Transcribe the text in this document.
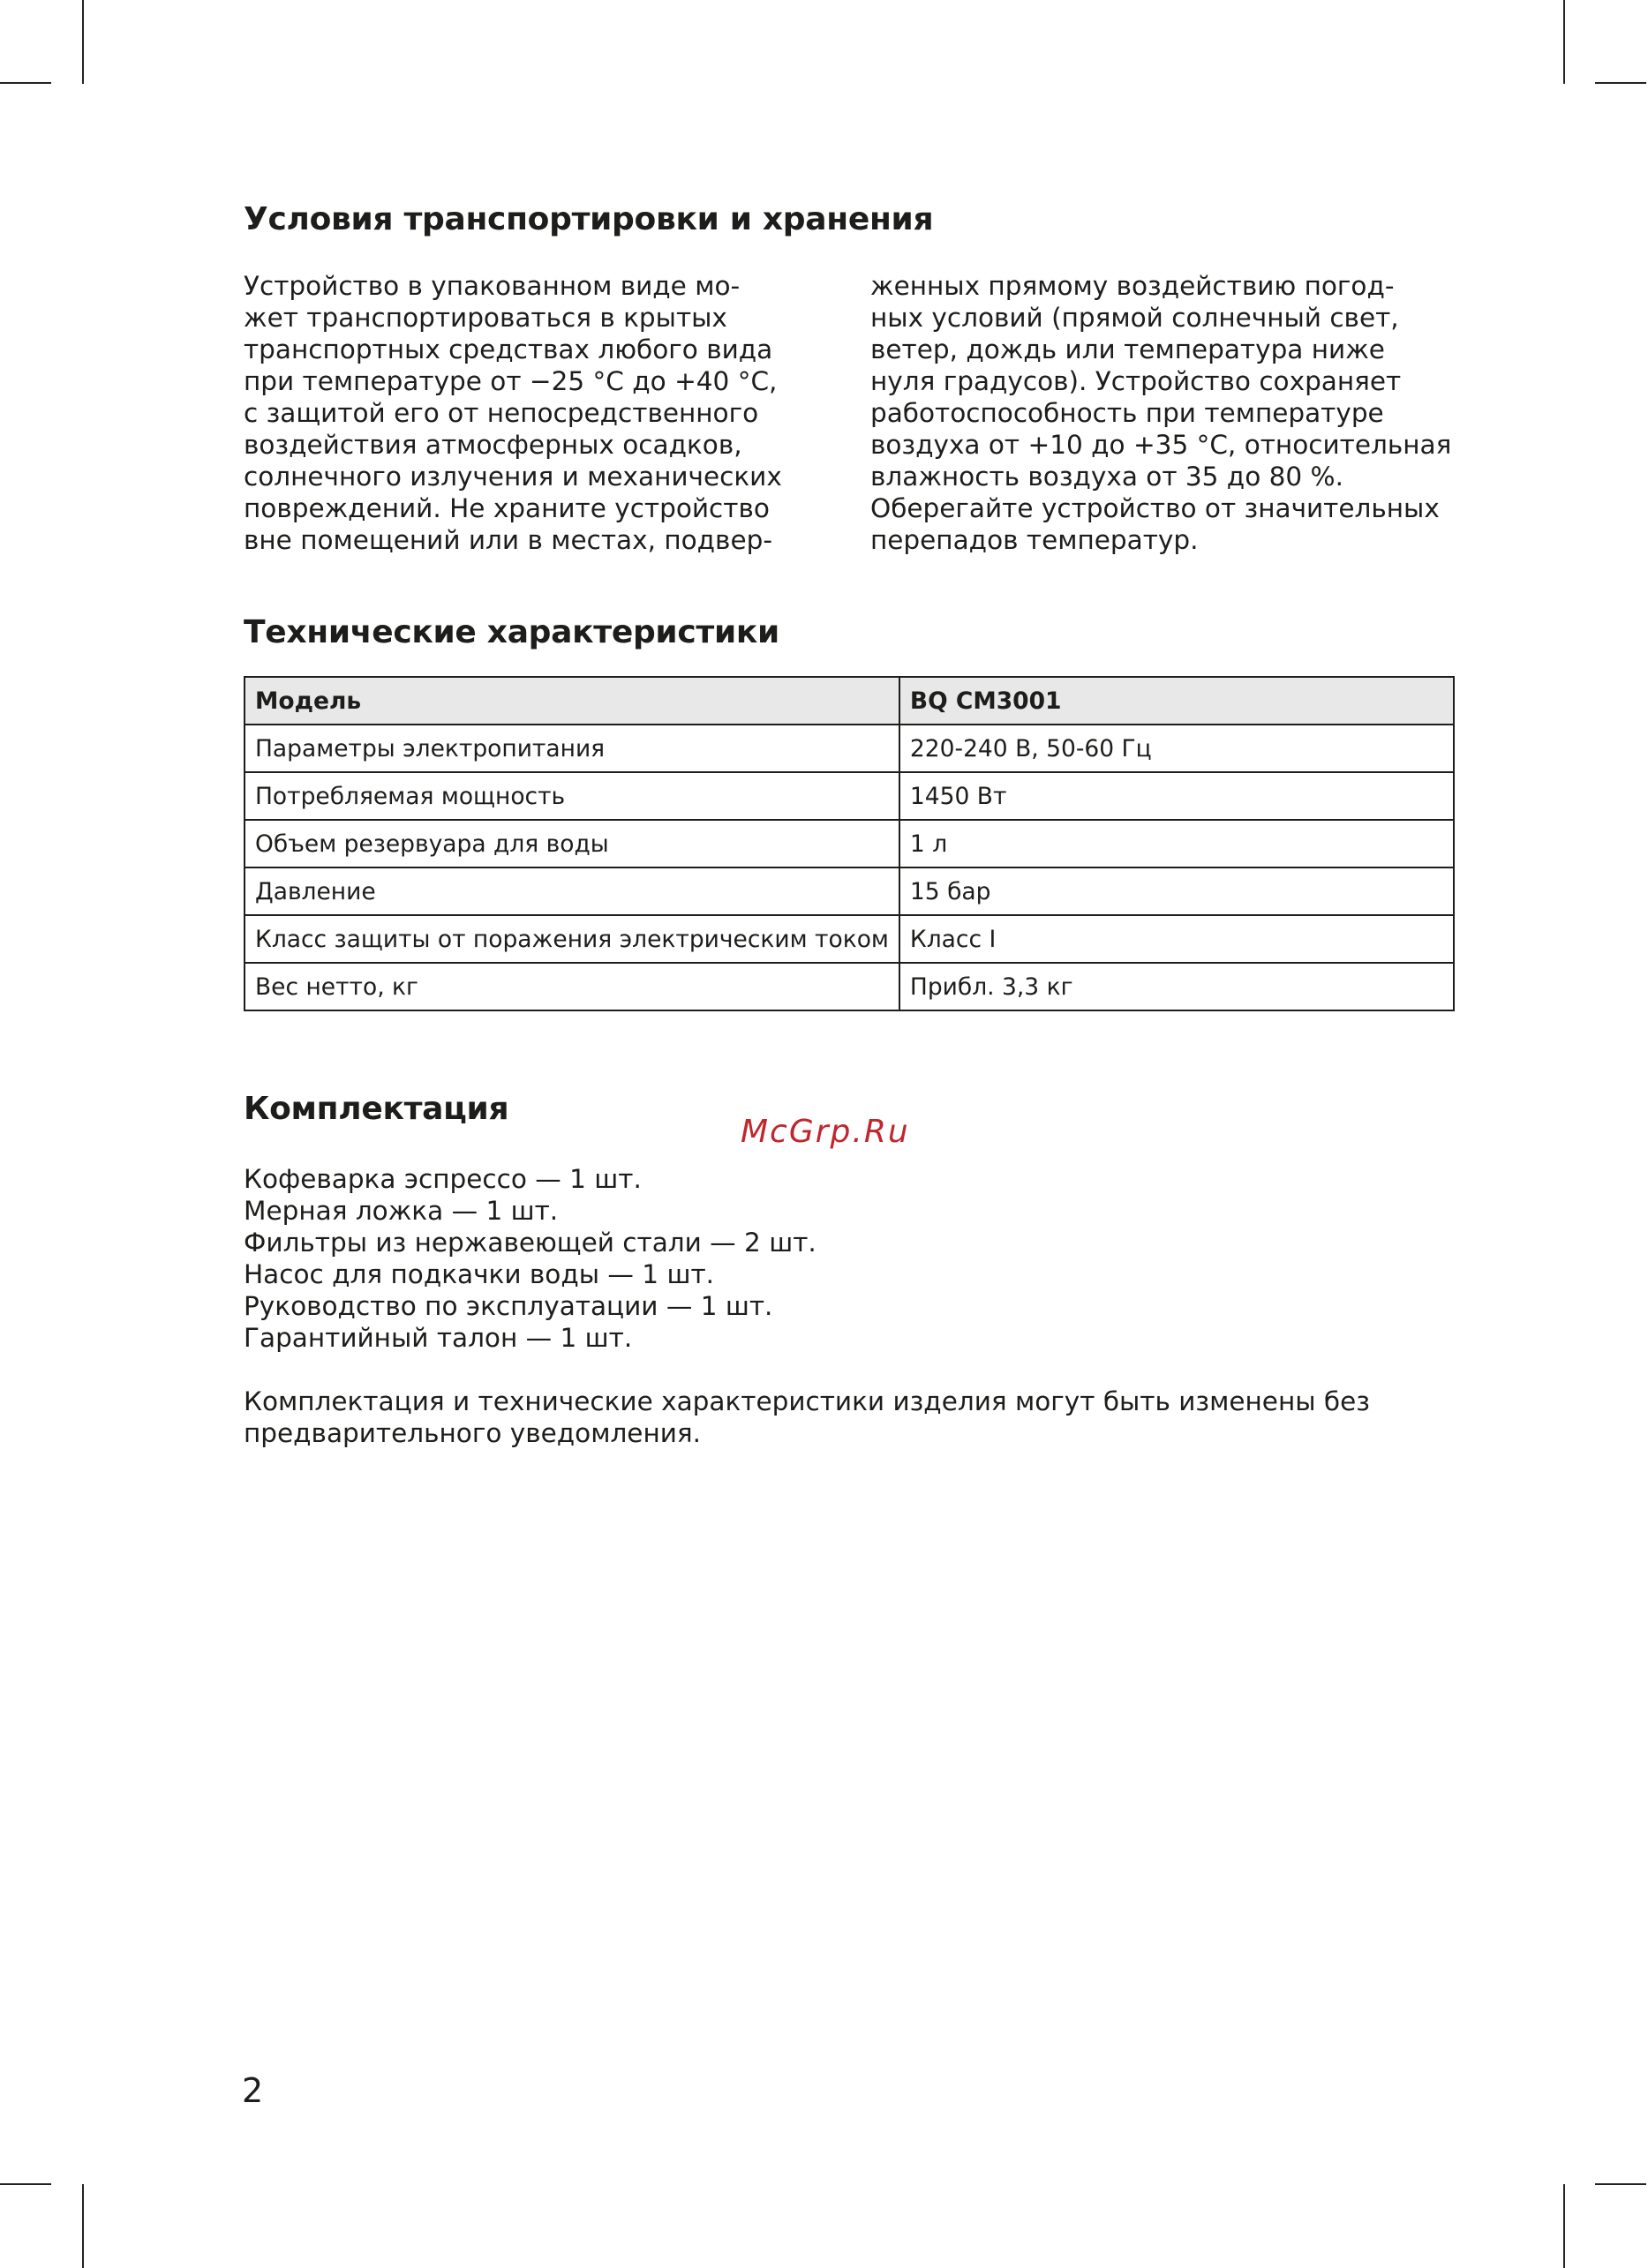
Условия транспортировки и хранения

Устройство в упакованном виде мо-
жет транспортироваться в крытых
транспортных средствах любого вида
при температуре от −25 °C до +40 °C,
с защитой его от непосредственного
воздействия атмосферных осадков,
солнечного излучения и механических
повреждений. Не храните устройство
вне помещений или в местах, подвер-

женных прямому воздействию погод-
ных условий (прямой солнечный свет,
ветер, дождь или температура ниже
нуля градусов). Устройство сохраняет
работоспособность при температуре
воздуха от +10 до +35 °C, относительная
влажность воздуха от 35 до 80 %.
Оберегайте устройство от значительных
перепадов температур.

Технические характеристики
Модель	BQ CM3001
Параметры электропитания	220-240 В, 50-60 Гц
Потребляемая мощность	1450 Вт
Объем резервуара для воды	1 л
Давление	15 бар
Класс защиты от поражения электрическим током	Класс I
Вес нетто, кг	Прибл. 3,3 кг
Комплектация
McGrp.Ru
Кофеварка эспрессо — 1 шт.
Мерная ложка — 1 шт.
Фильтры из нержавеющей стали — 2 шт.
Насос для подкачки воды — 1 шт.
Руководство по эксплуатации — 1 шт.
Гарантийный талон — 1 шт.
Комплектация и технические характеристики изделия могут быть изменены без
предварительного уведомления.
2
